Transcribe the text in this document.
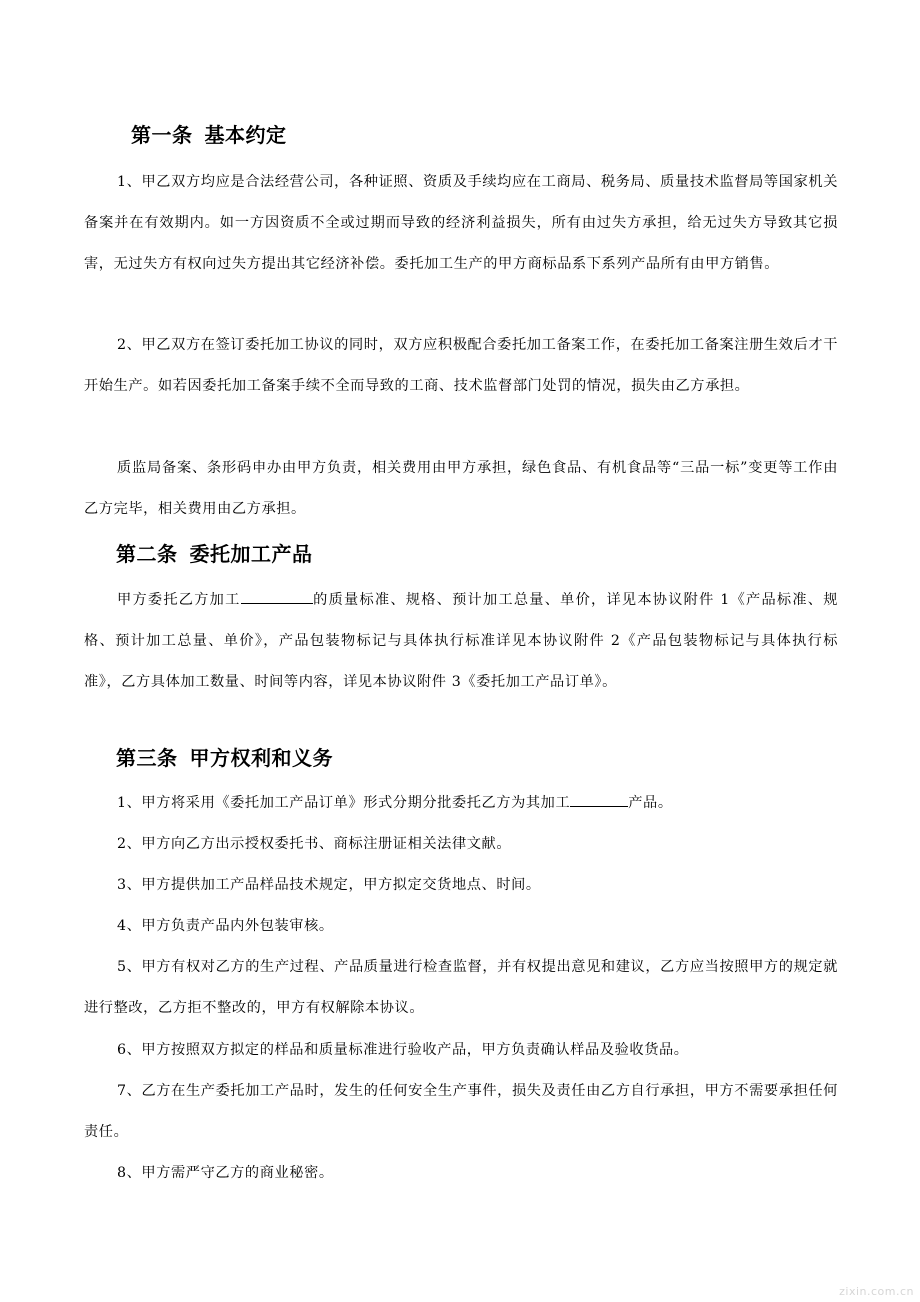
第一条 基本约定
1、甲乙双方均应是合法经营公司，各种证照、资质及手续均应在工商局、税务局、质量技术监督局等国家机关备案并在有效期内。如一方因资质不全或过期而导致的经济利益损失，所有由过失方承担，给无过失方导致其它损害，无过失方有权向过失方提出其它经济补偿。委托加工生产的甲方商标品系下系列产品所有由甲方销售。
2、甲乙双方在签订委托加工协议的同时，双方应积极配合委托加工备案工作，在委托加工备案注册生效后才干开始生产。如若因委托加工备案手续不全而导致的工商、技术监督部门处罚的情况，损失由乙方承担。
质监局备案、条形码申办由甲方负责，相关费用由甲方承担，绿色食品、有机食品等“三品一标”变更等工作由乙方完毕，相关费用由乙方承担。
第二条 委托加工产品
甲方委托乙方加工	的质量标准、规格、预计加工总量、单价，详见本协议附件 1《产品标准、规格、预计加工总量、单价》，产品包装物标记与具体执行标准详见本协议附件 2《产品包装物标记与具体执行标准》，乙方具体加工数量、时间等内容，详见本协议附件 3《委托加工产品订单》。
第三条 甲方权利和义务
1、甲方将采用《委托加工产品订单》形式分期分批委托乙方为其加工	产品。
2、甲方向乙方出示授权委托书、商标注册证相关法律文献。
3、甲方提供加工产品样品技术规定，甲方拟定交货地点、时间。
4、甲方负责产品内外包装审核。
5、甲方有权对乙方的生产过程、产品质量进行检查监督，并有权提出意见和建议，乙方应当按照甲方的规定就进行整改，乙方拒不整改的，甲方有权解除本协议。
6、甲方按照双方拟定的样品和质量标准进行验收产品，甲方负责确认样品及验收货品。
7、乙方在生产委托加工产品时，发生的任何安全生产事件，损失及责任由乙方自行承担，甲方不需要承担任何责任。
8、甲方需严守乙方的商业秘密。
zixin.com.cn
